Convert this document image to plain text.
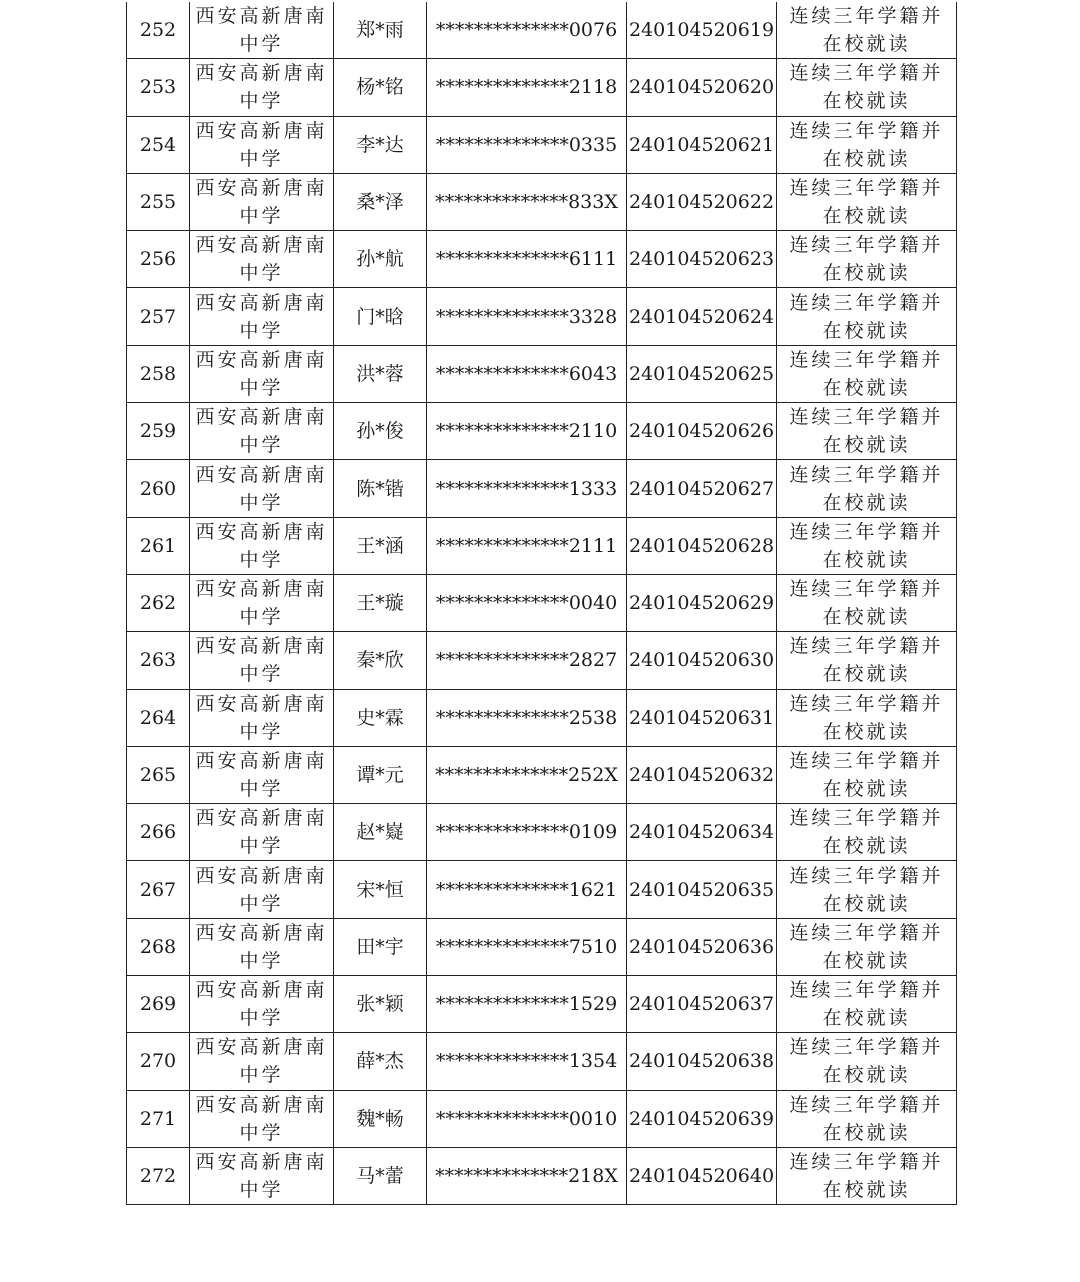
252	西安高新唐南中学	郑*雨	**************0076	240104520619	连续三年学籍并在校就读
253	西安高新唐南中学	杨*铭	**************2118	240104520620	连续三年学籍并在校就读
254	西安高新唐南中学	李*达	**************0335	240104520621	连续三年学籍并在校就读
255	西安高新唐南中学	桑*泽	**************833X	240104520622	连续三年学籍并在校就读
256	西安高新唐南中学	孙*航	**************6111	240104520623	连续三年学籍并在校就读
257	西安高新唐南中学	门*晗	**************3328	240104520624	连续三年学籍并在校就读
258	西安高新唐南中学	洪*蓉	**************6043	240104520625	连续三年学籍并在校就读
259	西安高新唐南中学	孙*俊	**************2110	240104520626	连续三年学籍并在校就读
260	西安高新唐南中学	陈*锴	**************1333	240104520627	连续三年学籍并在校就读
261	西安高新唐南中学	王*涵	**************2111	240104520628	连续三年学籍并在校就读
262	西安高新唐南中学	王*璇	**************0040	240104520629	连续三年学籍并在校就读
263	西安高新唐南中学	秦*欣	**************2827	240104520630	连续三年学籍并在校就读
264	西安高新唐南中学	史*霖	**************2538	240104520631	连续三年学籍并在校就读
265	西安高新唐南中学	谭*元	**************252X	240104520632	连续三年学籍并在校就读
266	西安高新唐南中学	赵*嶷	**************0109	240104520634	连续三年学籍并在校就读
267	西安高新唐南中学	宋*恒	**************1621	240104520635	连续三年学籍并在校就读
268	西安高新唐南中学	田*宇	**************7510	240104520636	连续三年学籍并在校就读
269	西安高新唐南中学	张*颖	**************1529	240104520637	连续三年学籍并在校就读
270	西安高新唐南中学	薛*杰	**************1354	240104520638	连续三年学籍并在校就读
271	西安高新唐南中学	魏*畅	**************0010	240104520639	连续三年学籍并在校就读
272	西安高新唐南中学	马*蕾	**************218X	240104520640	连续三年学籍并在校就读
